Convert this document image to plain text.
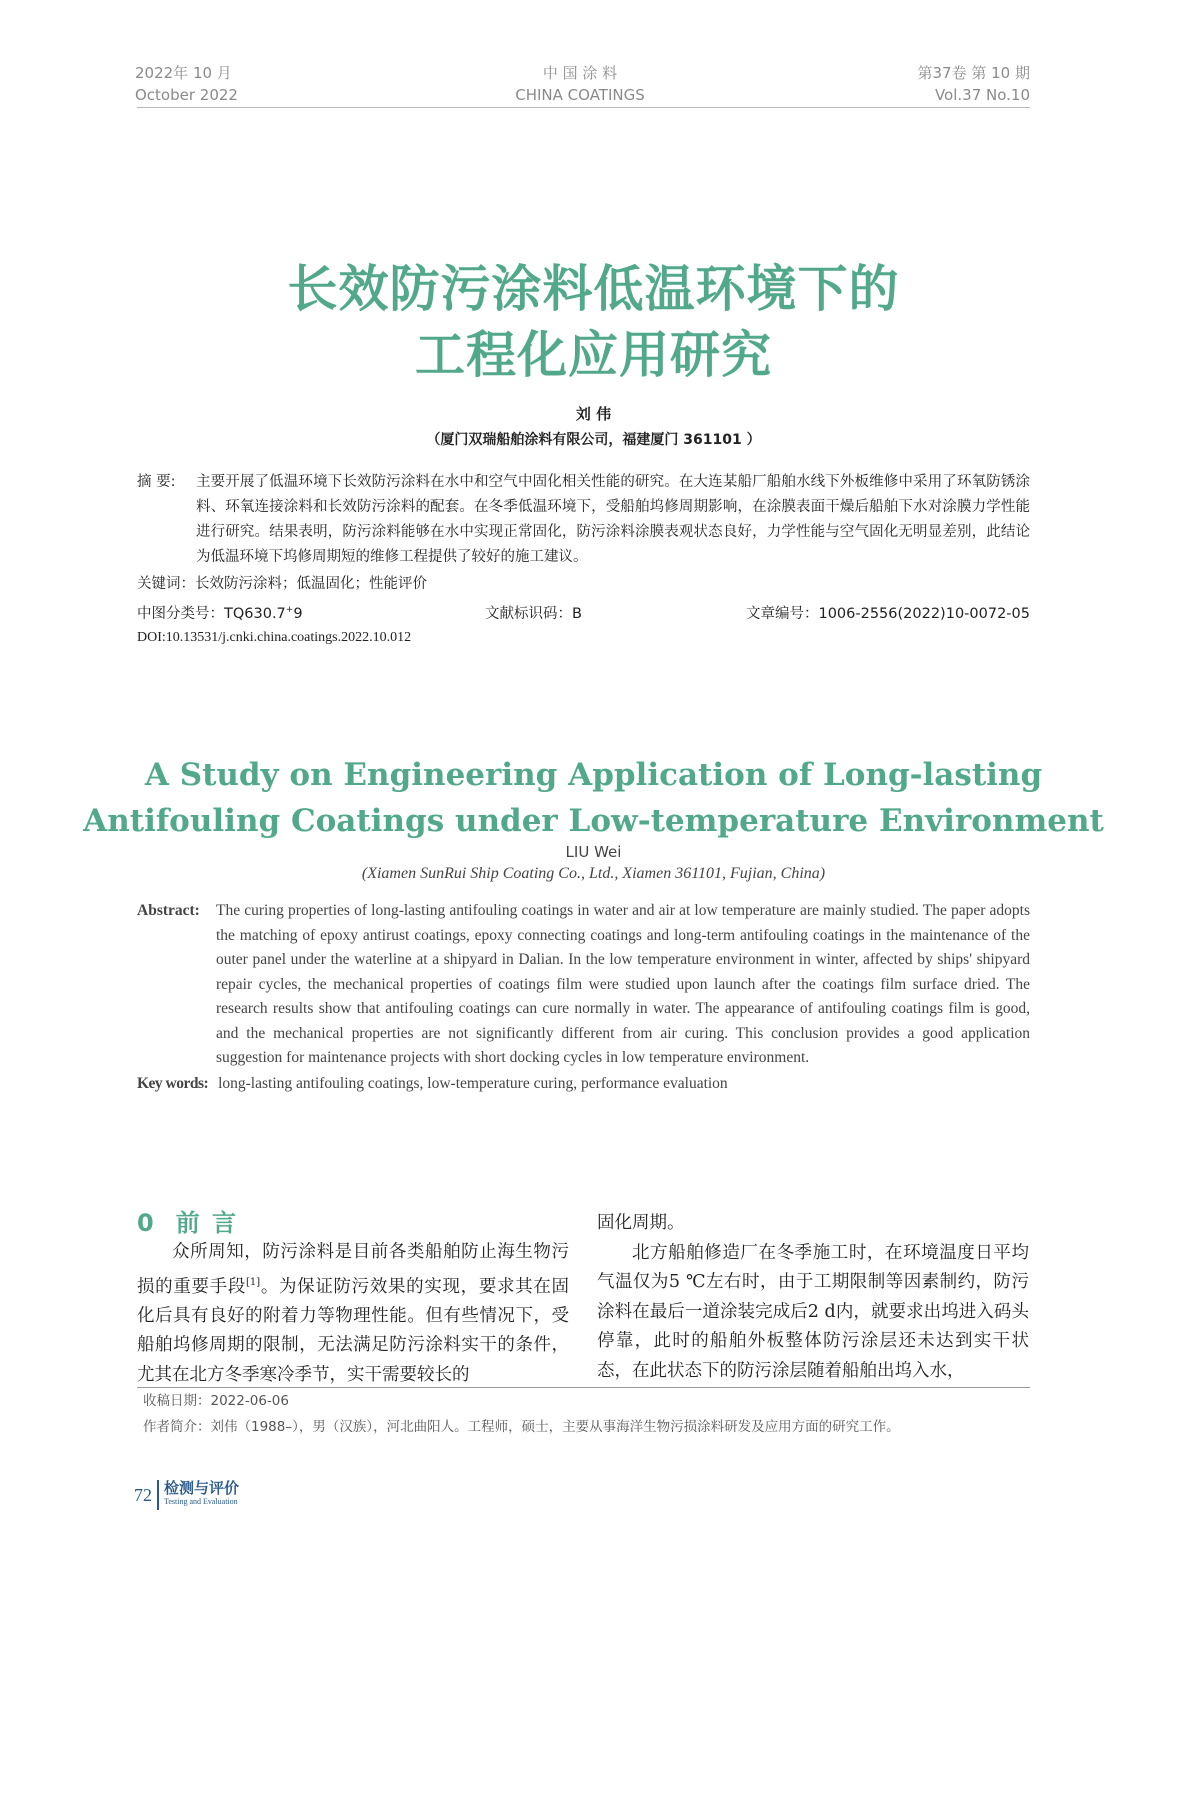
2022年 10 月
October 2022
中 国 涂 料
CHINA COATINGS
第37卷 第 10 期
Vol.37 No.10
长效防污涂料低温环境下的
工程化应用研究
刘 伟
（厦门双瑞船舶涂料有限公司，福建厦门 361101 ）
摘 要: 主要开展了低温环境下长效防污涂料在水中和空气中固化相关性能的研究。在大连某船厂船舶水线下外板维修中采用了环氧防锈涂料、环氧连接涂料和长效防污涂料的配套。在冬季低温环境下，受船舶坞修周期影响，在涂膜表面干燥后船舶下水对涂膜力学性能进行研究。结果表明，防污涂料能够在水中实现正常固化，防污涂料涂膜表观状态良好，力学性能与空气固化无明显差别，此结论为低温环境下坞修周期短的维修工程提供了较好的施工建议。
关键词：长效防污涂料；低温固化；性能评价
中图分类号：TQ630.7+9	文献标识码：B	文章编号：1006-2556(2022)10-0072-05
DOI:10.13531/j.cnki.china.coatings.2022.10.012
A Study on Engineering Application of Long-lasting
Antifouling Coatings under Low-temperature Environment
LIU Wei
(Xiamen SunRui Ship Coating Co., Ltd., Xiamen 361101, Fujian, China)
Abstract: The curing properties of long-lasting antifouling coatings in water and air at low temperature are mainly studied. The paper adopts the matching of epoxy antirust coatings, epoxy connecting coatings and long-term antifouling coatings in the maintenance of the outer panel under the waterline at a shipyard in Dalian. In the low temperature environment in winter, affected by ships' shipyard repair cycles, the mechanical properties of coatings film were studied upon launch after the coatings film surface dried. The research results show that antifouling coatings can cure normally in water. The appearance of antifouling coatings film is good, and the mechanical properties are not significantly different from air curing. This conclusion provides a good application suggestion for maintenance projects with short docking cycles in low temperature environment.
Key words: long-lasting antifouling coatings, low-temperature curing, performance evaluation
0 前 言
众所周知，防污涂料是目前各类船舶防止海生物污损的重要手段[1]。为保证防污效果的实现，要求其在固化后具有良好的附着力等物理性能。但有些情况下，受船舶坞修周期的限制，无法满足防污涂料实干的条件，尤其在北方冬季寒冷季节，实干需要较长的
固化周期。
北方船舶修造厂在冬季施工时，在环境温度日平均气温仅为5 ℃左右时，由于工期限制等因素制约，防污涂料在最后一道涂装完成后2 d内，就要求出坞进入码头停靠，此时的船舶外板整体防污涂层还未达到实干状态，在此状态下的防污涂层随着船舶出坞入水，
收稿日期：2022-06-06
作者简介：刘伟（1988–），男（汉族），河北曲阳人。工程师，硕士，主要从事海洋生物污损涂料研发及应用方面的研究工作。
72 检测与评价
Testing and Evaluation
